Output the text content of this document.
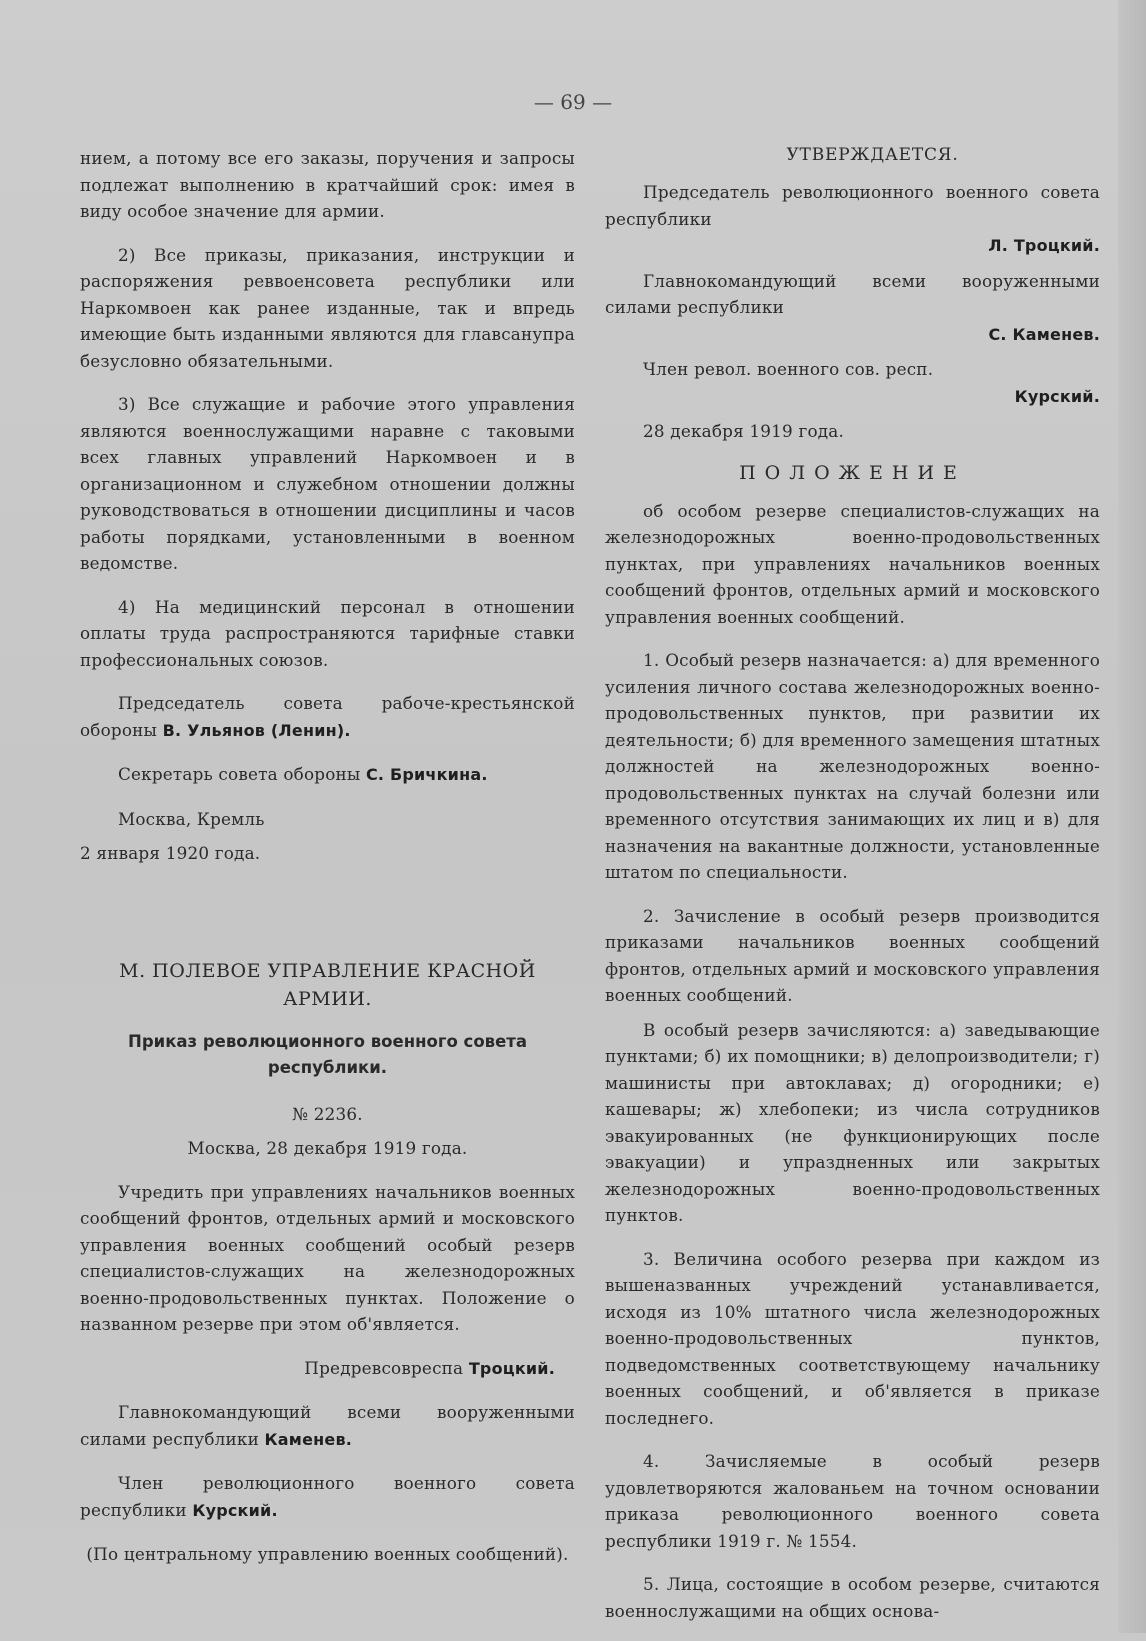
— 69 —

нием, а потому все его заказы, поручения и запросы подлежат выполнению в кратчайший срок: имея в виду особое значение для армии.

2) Все приказы, приказания, инструкции и распоряжения реввоенсовета республики или Наркомвоен как ранее изданные, так и впредь имеющие быть изданными являются для главсанупра безусловно обязательными.

3) Все служащие и рабочие этого управления являются военнослужащими наравне с таковыми всех главных управлений Наркомвоен и в организационном и служебном отношении должны руководствоваться в отношении дисциплины и часов работы порядками, установленными в военном ведомстве.

4) На медицинский персонал в отношении оплаты труда распространяются тарифные ставки профессиональных союзов.

Председатель совета рабоче-крестьянской обороны В. Ульянов (Ленин).

Секретарь совета обороны С. Бричкина.

Москва, Кремль

2 января 1920 года.

M. ПОЛЕВОЕ УПРАВЛЕНИЕ КРАСНОЙ АРМИИ.
Приказ революционного военного совета республики.

№ 2236.

Москва, 28 декабря 1919 года.

Учредить при управлениях начальников военных сообщений фронтов, отдельных армий и московского управления военных сообщений особый резерв специалистов-служащих на железнодорожных военно-продовольственных пунктах. Положение о названном резерве при этом об'является.

Предревсовреспа Троцкий.

Главнокомандующий всеми вооруженными силами республики Каменев.

Член революционного военного совета республики Курский.

(По центральному управлению военных сообщений).

УТВЕРЖДАЕТСЯ.

Председатель революционного военного совета республики

Л. Троцкий.

Главнокомандующий всеми вооруженными силами республики

С. Каменев.

Член револ. военного сов. респ.

Курский.

28 декабря 1919 года.

ПОЛОЖЕНИЕ

об особом резерве специалистов-служащих на железнодорожных военно-продовольственных пунктах, при управлениях начальников военных сообщений фронтов, отдельных армий и московского управления военных сообщений.

1. Особый резерв назначается: а) для временного усиления личного состава железнодорожных военно-продовольственных пунктов, при развитии их деятельности; б) для временного замещения штатных должностей на железнодорожных военно-продовольственных пунктах на случай болезни или временного отсутствия занимающих их лиц и в) для назначения на вакантные должности, установленные штатом по специальности.

2. Зачисление в особый резерв производится приказами начальников военных сообщений фронтов, отдельных армий и московского управления военных сообщений.

В особый резерв зачисляются: а) заведывающие пунктами; б) их помощники; в) делопроизводители; г) машинисты при автоклавах; д) огородники; е) кашевары; ж) хлебопеки; из числа сотрудников эвакуированных (не функционирующих после эвакуации) и упраздненных или закрытых железнодорожных военно-продовольственных пунктов.

3. Величина особого резерва при каждом из вышеназванных учреждений устанавливается, исходя из 10% штатного числа железнодорожных военно-продовольственных пунктов, подведомственных соответствующему начальнику военных сообщений, и об'является в приказе последнего.

4. Зачисляемые в особый резерв удовлетворяются жалованьем на точном основании приказа революционного военного совета республики 1919 г. № 1554.

5. Лица, состоящие в особом резерве, считаются военнослужащими на общих основа-
